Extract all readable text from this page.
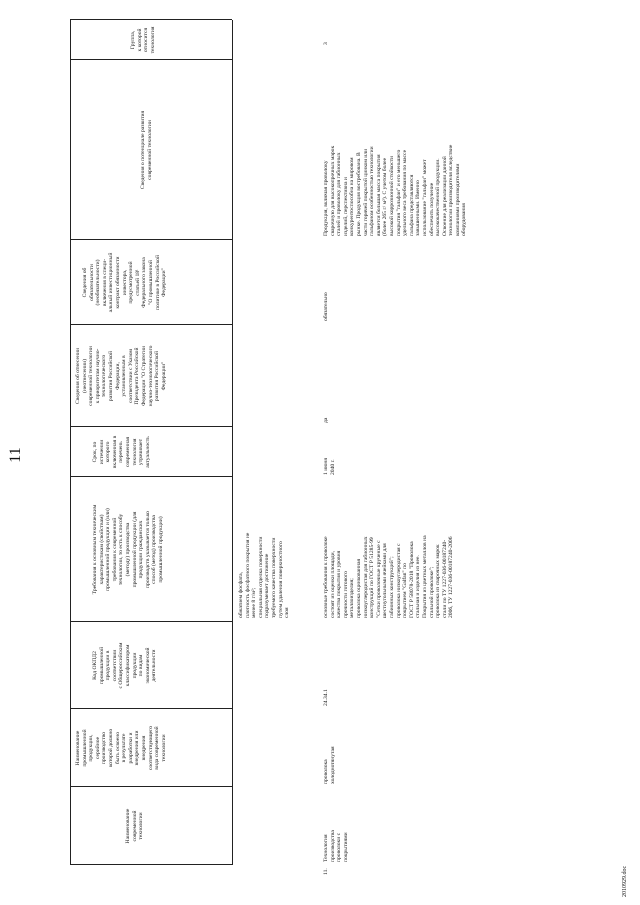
Наименование
современной
технологии
Наименование
промышленной
продукции,
серийное
производство
которой должно
быть освоено
в результате
разработки и
внедрения или
внедрения
соответствующего
вида современной
технологии
Код ОКПД2
промышленной
продукции в
соответствии
с Общероссийским
классификатором
продукции
по видам
экономической
деятельности
Требования к основным техническим
характеристикам (свойствам)
промышленной продукции и (или)
требования к современной
технологии, то есть к способу
(методу) производства
промышленной продукции (для
продукции гражданских
производств указывается только
способ (метод) производства
промышленной продукции)
Срок, по
истечении
которого
включенная в
перечень
современная
технология
утрачивает
актуальность
Сведения об отнесении
(неотнесении)
современной технологии
к приоритетам научно-
технологического
развития Российской
Федерации,
установленным в
соответствии с Указом
Президента Российской
Федерации "О Стратегии
научно-технологического
развития Российской
Федерации"
Сведения об
обязательности
(необязательности)
включения в специ-
альный инвестиционный
контракт обязанности
инвестора,
предусмотренной
статьей 18¹
Федерального закона
"О промышленной
политике в Российской
Федерации"
Сведения о потенциале развития
современной технологии
Группа,
к которой
относится
технология
обжатием фосфата,
плотность фосфатного покрытия не
менее 8 г/м²;
специальная отделка поверхности
подразумевает достижение
требуемого качества поверхности
путем удаления поверхностного
слоя
11.
Технология
производства
проволоки с
покрытиями
проволока
холоднотянутая
24.34.1
основные требования к проволоке
состоят из оценки площади,
качества покрытия и уровня
прочности готового
металлоизделия;
проволока оцинкованная
низкоуглеродистая для габионных
конструкций по ГОСТ Р 51285-99
"Сетки проволочные крученые с
шестиугольными ячейками для
габионных конструкций";
проволока низкоуглеродистая с
покрытием "Galfan" по
ГОСТ Р 58078-2018 "Проволока
стальная и изделия из нее.
Покрытия из цветных металлов на
стальной проволоке";
проволока из сварочных марок
стали по ТУ 1227-036-00187240-
2006, ТУ 1227-036-00187240-2006
1 июня
2040 г.
да
обязательно
Продукция, включая проволоку
сварочную для высокопрочных марок
сталей и проволоку для габионных
изделий, перспективна и
конкурентоспособна на мировом
рынке. Продукция востребована. В
части горячей покрытой цинком или
гальфаном особенностью технологии
является большая масса покрытия
(более 265 г/ м²). С учетом более
высокой коррозионной стойкости
покрытия "гальфан" и его меньшего
удельного веса требования по массе
гальфана представляются
завышенными. Именно
использование "гальфан" может
обеспечить получение
высококачественной продукции.
Освоение для реализации данной
технологии производителя вследствие
компаниями производителями
оборудования
3
11
2010929.doc
